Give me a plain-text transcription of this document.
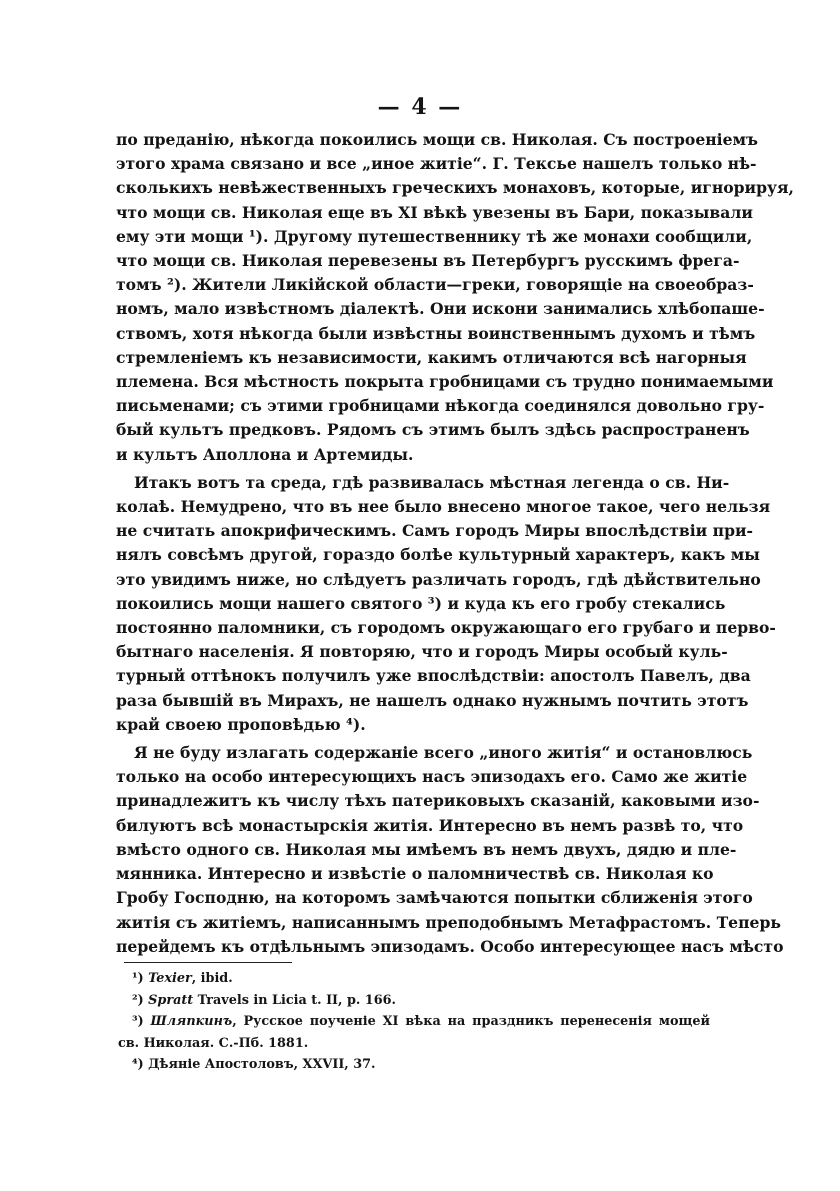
— 4 —
по преданію, нѣкогда покоились мощи св. Николая. Съ построеніемъ
этого храма связано и все „иное житіе“. Г. Тексье нашелъ только нѣ-
сколькихъ невѣжественныхъ греческихъ монаховъ, которые, игнорируя,
что мощи св. Николая еще въ XI вѣкѣ увезены въ Бари, показывали
ему эти мощи ¹). Другому путешественнику тѣ же монахи сообщили,
что мощи св. Николая перевезены въ Петербургъ русскимъ фрега-
томъ ²). Жители Ликійской области—греки, говорящіе на своеобраз-
номъ, мало извѣстномъ діалектѣ. Они искони занимались хлѣбопаше-
ствомъ, хотя нѣкогда были извѣстны воинственнымъ духомъ и тѣмъ
стремленіемъ къ независимости, какимъ отличаются всѣ нагорныя
племена. Вся мѣстность покрыта гробницами съ трудно понимаемыми
письменами; съ этими гробницами нѣкогда соединялся довольно гру-
бый культъ предковъ. Рядомъ съ этимъ былъ здѣсь распространенъ
и культъ Аполлона и Артемиды.
Итакъ вотъ та среда, гдѣ развивалась мѣстная легенда о св. Ни-
колаѣ. Немудрено, что въ нее было внесено многое такое, чего нельзя
не считать апокрифическимъ. Самъ городъ Миры впослѣдствіи при-
нялъ совсѣмъ другой, гораздо болѣе культурный характеръ, какъ мы
это увидимъ ниже, но слѣдуетъ различать городъ, гдѣ дѣйствительно
покоились мощи нашего святого ³) и куда къ его гробу стекались
постоянно паломники, съ городомъ окружающаго его грубаго и перво-
бытнаго населенія. Я повторяю, что и городъ Миры особый куль-
турный оттѣнокъ получилъ уже впослѣдствіи: апостолъ Павелъ, два
раза бывшій въ Мирахъ, не нашелъ однако нужнымъ почтить этотъ
край своею проповѣдью ⁴).
Я не буду излагать содержаніе всего „иного житія“ и остановлюсь
только на особо интересующихъ насъ эпизодахъ его. Само же житіе
принадлежитъ къ числу тѣхъ патериковыхъ сказаній, каковыми изо-
билуютъ всѣ монастырскія житія. Интересно въ немъ развѣ то, что
вмѣсто одного св. Николая мы имѣемъ въ немъ двухъ, дядю и пле-
мянника. Интересно и извѣстіе о паломничествѣ св. Николая ко
Гробу Господню, на которомъ замѣчаются попытки сближенія этого
житія съ житіемъ, написаннымъ преподобнымъ Метафрастомъ. Теперь
перейдемъ къ отдѣльнымъ эпизодамъ. Особо интересующее насъ мѣсто
¹) Texier, ibid.
²) Spratt Travels in Licia t. II, p. 166.
³) Шляпкинъ, Русское поученіе XI вѣка на праздникъ перенесенія мощей
св. Николая. С.-Пб. 1881.
⁴) Дѣяніе Апостоловъ, XXVII, 37.
